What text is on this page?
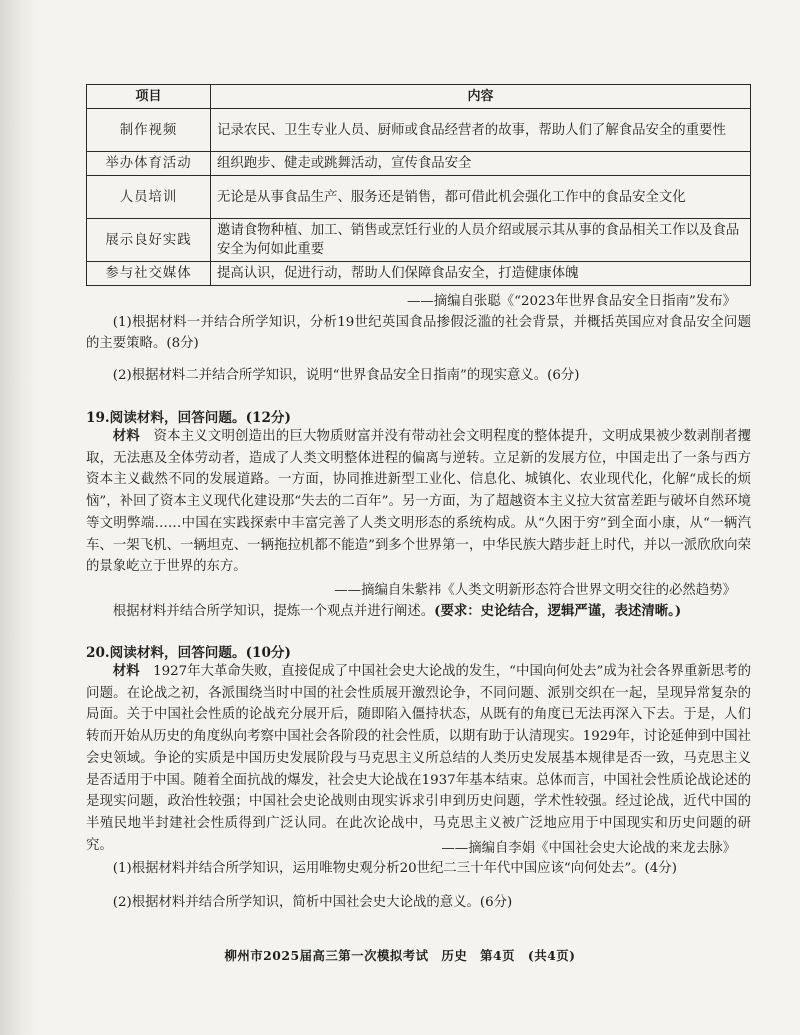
项目	内容
制作视频	记录农民、卫生专业人员、厨师或食品经营者的故事，帮助人们了解食品安全的重要性
举办体育活动	组织跑步、健走或跳舞活动，宣传食品安全
人员培训	无论是从事食品生产、服务还是销售，都可借此机会强化工作中的食品安全文化
展示良好实践	邀请食物种植、加工、销售或烹饪行业的人员介绍或展示其从事的食品相关工作以及食品安全为何如此重要
参与社交媒体	提高认识，促进行动，帮助人们保障食品安全，打造健康体魄
——摘编自张聪《“2023年世界食品安全日指南”发布》
(1)根据材料一并结合所学知识，分析19世纪英国食品掺假泛滥的社会背景，并概括英国应对食品安全问题的主要策略。(8分)
(2)根据材料二并结合所学知识，说明“世界食品安全日指南”的现实意义。(6分)
19.阅读材料，回答问题。(12分)
材料　 资本主义文明创造出的巨大物质财富并没有带动社会文明程度的整体提升，文明成果被少数剥削者攫取，无法惠及全体劳动者，造成了人类文明整体进程的偏离与逆转。立足新的发展方位，中国走出了一条与西方资本主义截然不同的发展道路。一方面，协同推进新型工业化、信息化、城镇化、农业现代化，化解“成长的烦恼”，补回了资本主义现代化建设那“失去的二百年”。另一方面，为了超越资本主义拉大贫富差距与破坏自然环境等文明弊端……中国在实践探索中丰富完善了人类文明形态的系统构成。从“久困于穷”到全面小康，从“一辆汽车、一架飞机、一辆坦克、一辆拖拉机都不能造”到多个世界第一，中华民族大踏步赶上时代，并以一派欣欣向荣的景象屹立于世界的东方。
——摘编自朱紫祎《人类文明新形态符合世界文明交往的必然趋势》
根据材料并结合所学知识，提炼一个观点并进行阐述。(要求：史论结合，逻辑严谨，表述清晰。)
20.阅读材料，回答问题。(10分)
材料　 1927年大革命失败，直接促成了中国社会史大论战的发生，“中国向何处去”成为社会各界重新思考的问题。在论战之初，各派围绕当时中国的社会性质展开激烈论争，不同问题、派别交织在一起，呈现异常复杂的局面。关于中国社会性质的论战充分展开后，随即陷入僵持状态，从既有的角度已无法再深入下去。于是，人们转而开始从历史的角度纵向考察中国社会各阶段的社会性质，以期有助于认清现实。1929年，讨论延伸到中国社会史领域。争论的实质是中国历史发展阶段与马克思主义所总结的人类历史发展基本规律是否一致，马克思主义是否适用于中国。随着全面抗战的爆发，社会史大论战在1937年基本结束。总体而言，中国社会性质论战论述的是现实问题，政治性较强；中国社会史论战则由现实诉求引申到历史问题，学术性较强。经过论战，近代中国的半殖民地半封建社会性质得到广泛认同。在此次论战中，马克思主义被广泛地应用于中国现实和历史问题的研究。	——摘编自李娟《中国社会史大论战的来龙去脉》
(1)根据材料并结合所学知识，运用唯物史观分析20世纪二三十年代中国应该“向何处去”。(4分)
(2)根据材料并结合所学知识，简析中国社会史大论战的意义。(6分)
柳州市2025届高三第一次模拟考试　历史　第4页　(共4页)
